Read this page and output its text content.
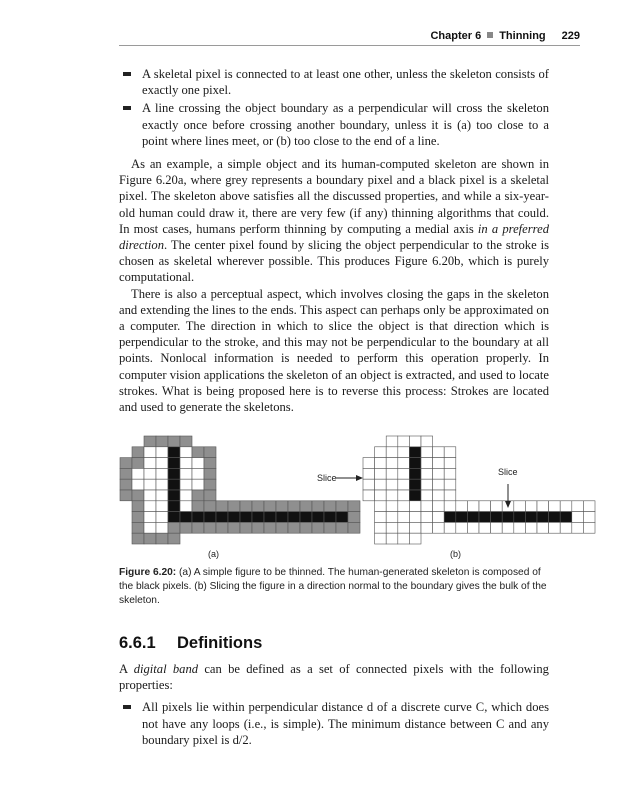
Chapter 6 Thinning 229
A skeletal pixel is connected to at least one other, unless the skeleton consists of exactly one pixel.
A line crossing the object boundary as a perpendicular will cross the skeleton exactly once before crossing another boundary, unless it is (a) too close to a point where lines meet, or (b) too close to the end of a line.

As an example, a simple object and its human-computed skeleton are shown in Figure 6.20a, where grey represents a boundary pixel and a black pixel is a skeletal pixel. The skeleton above satisfies all the discussed properties, and while a six-year-old human could draw it, there are very few (if any) thinning algorithms that could. In most cases, humans perform thinning by computing a medial axis in a preferred direction. The center pixel found by slicing the object perpendicular to the stroke is chosen as skeletal wherever possible. This produces Figure 6.20b, which is purely computational.

There is also a perceptual aspect, which involves closing the gaps in the skeleton and extending the lines to the ends. This aspect can perhaps only be approximated on a computer. The direction in which to slice the object is that direction which is perpendicular to the stroke, and this may not be perpendicular to the boundary at all points. Nonlocal information is needed to perform this operation properly. In computer vision applications the skeleton of an object is extracted, and used to locate strokes. What is being proposed here is to reverse this process: Strokes are located and used to generate the skeletons.

Slice
Slice
(a)	(b)
Figure 6.20: (a) A simple figure to be thinned. The human-generated skeleton is composed of the black pixels. (b) Slicing the figure in a direction normal to the boundary gives the bulk of the skeleton.
6.6.1 Definitions

A digital band can be defined as a set of connected pixels with the following properties:

All pixels lie within perpendicular distance d of a discrete curve C, which does not have any loops (i.e., is simple). The minimum distance between C and any boundary pixel is d/2.
